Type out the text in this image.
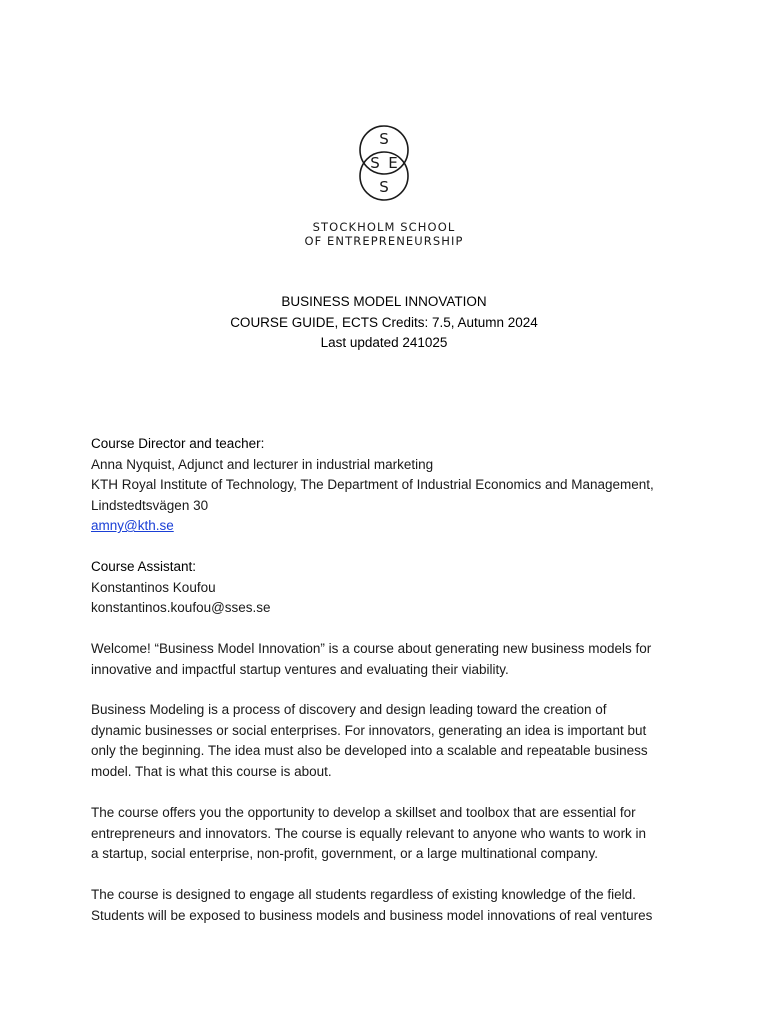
S
S E
S
STOCKHOLM SCHOOL
OF ENTREPRENEURSHIP
BUSINESS MODEL INNOVATION
COURSE GUIDE, ECTS Credits: 7.5, Autumn 2024
Last updated 241025
Course Director and teacher:
Anna Nyquist, Adjunct and lecturer in industrial marketing
KTH Royal Institute of Technology, The Department of Industrial Economics and Management,
Lindstedtsvägen 30
amny@kth.se
Course Assistant:
Konstantinos Koufou
konstantinos.koufou@sses.se
Welcome! “Business Model Innovation” is a course about generating new business models for
innovative and impactful startup ventures and evaluating their viability.
Business Modeling is a process of discovery and design leading toward the creation of
dynamic businesses or social enterprises. For innovators, generating an idea is important but
only the beginning. The idea must also be developed into a scalable and repeatable business
model. That is what this course is about.
The course offers you the opportunity to develop a skillset and toolbox that are essential for
entrepreneurs and innovators. The course is equally relevant to anyone who wants to work in
a startup, social enterprise, non-profit, government, or a large multinational company.
The course is designed to engage all students regardless of existing knowledge of the field.
Students will be exposed to business models and business model innovations of real ventures
